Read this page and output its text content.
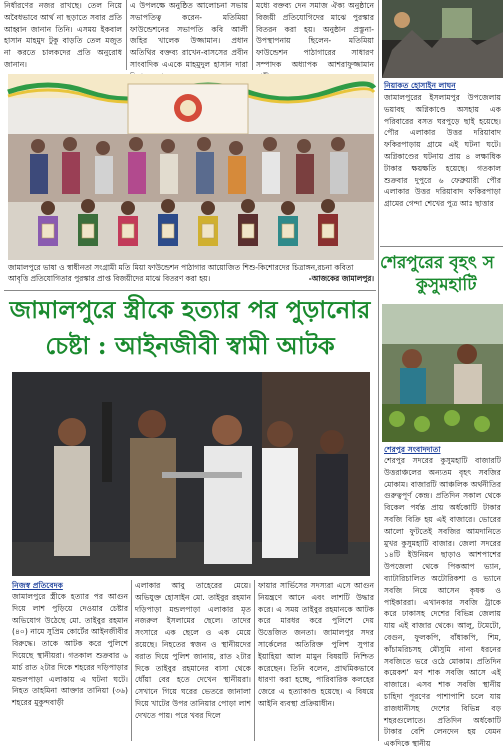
নির্ধারণের নজর রাখছে। তেল নিয়ে অবৈধভাবে আর্থ না ছড়াতে সবার প্রতি আহ্বান জানান তিনি। এসময় ইকবাল হাসান মাহমুদ টুকু বাড়তি তেল মজুত না করতে চালকদের প্রতি অনুরোধ জানান।

এ উপলক্ষে অনুষ্ঠিত আলোচনা সভায় সভাপতিত্ব করেন- মতিমিয়া ফাউন্ডেশনের সভাপতি কবি আলী জহির খালেক উজ্জামান। প্রধান অতিথির বক্তব্য রাখেন-বাসসের প্রবীন সাংবাদিক এএকে মাহমুদুল হাসান দারা

মধ্যে বক্তব্য দেন সমাজ ঐক্য অনুষ্ঠানে বিজয়ী প্রতিযোগিদের মাঝে পুরস্কার বিতরন করা হয়। অনুষ্ঠান প্রস্তুনা-উপস্থাপনায় ছিলেন- মতিমিয়া ফাউন্ডেশন পাঠাগারের সাধারণ সম্পাদক অধ্যাপক আশরাফুজ্জামান

জামালপুরে ভাষা ও স্বাধীনতা সংগ্রামী মতি মিয়া ফাউন্ডেশন পাঠাগার আয়োজিত শিশু-কিশোরদের চিত্রাঙ্গন,রচনা কবিতা আবৃত্তি প্রতিযোগিতার পুরস্কার প্রাপ্ত বিজয়ীদের মাঝে বিতরণ করা হয়।	-আজকের জামালপুর।
নিয়াকত হোসাইন লাঘন

জামালপুরের ইসলামপুর উপজেলায় ভয়াবহ অগ্নিকাণ্ডে অসহায় এক পরিবারের বসত ঘরপুড়ে ছাই হয়েছে। পৌর এলাকার উত্তর দরিয়াবাদ ফকিরপাড়ায় গ্রামে এই ঘটনা ঘটে। অগ্নিকাণ্ডের ঘটনায় প্রায় ৪ লক্ষাধিক টাকার ক্ষয়ক্ষতি হয়েছে। গতকাল শুক্রবার দুপুরে ৬ ফেব্রুয়ারী পৌর এলাকার উত্তর দরিয়াবাদ ফকিরপাড়া গ্রামের গেন্দা শেখের পুত্র আঃ ছাত্তার

শেরপুরের বৃহৎ স
কুসুমহাটি
শেরপুর সংবাদদাতা

শেরপুর সদরের কুসুমহাটি বাজারটি উত্তরাঞ্চলের অন্যতম বৃহৎ সবজির মোকাম। বাজারটি আঞ্চলিক অর্থনীতির গুরুত্বপূর্ণ কেন্দ্র। প্রতিদিন সকাল থেকে বিকেল পর্যন্ত প্রায় অর্ধকোটি টাকার সবজি বিক্রি হয় এই বাজারে। ভোরের আলো ফুটতেই সবজির আমদানিতে মুখর কুসুমহাটি বাজার। জেলা সদরের ১৪টি ইউনিয়ন ছাড়াও আশপাশের উপজেলা থেকে পিকআপ ভ্যান, ব্যাটারিচালিত অটোরিকশা ও ভ্যানে সবজি নিয়ে আসেন কৃষক ও পাইকাররা। এখানকার সবজি ট্রাকে করে ঢাকাসহ দেশের বিভিন্ন জেলায় যায় এই বাজার থেকে। আলু, টমেটো, বেগুন, ফুলকপি, বাঁধাকপি, শিম, কাঁচামরিচসহ মৌসুমি নানা ধরনের সবজিতে ভরে ওঠে মোকাম। প্রতিদিন কয়েকশ' মণ শাক সবজি আসে এই বাজারে। এসব শাক সবজি স্থানীয় চাহিদা পূরণের পাশাপাশি চলে যায় রাজধানীসহ দেশের বিভিন্ন বড় শহরগুলোতে। প্রতিদিন অর্ধকোটি টাকার বেশি লেনদেন হয় যেমন একদিকে স্থানীয়

জামালপুরে স্ত্রীকে হত্যার পর পুড়ানোর
চেষ্টা : আইনজীবী স্বামী আটক
নিজস্ব প্রতিবেদক

জামালপুরে স্ত্রীকে হত্যার পর আগুন দিয়ে লাশ পুড়িয়ে দেওয়ার চেষ্টার অভিযোগ উঠেছে মো. তাইবুর রহমান (৪০) নামে সুপ্রিম কোর্টের আইনজীবীর বিরুদ্ধে। তাকে আটক করে পুলিশে দিয়েছে স্থানীয়রা। গতকাল শুক্রবার ৬ মার্চ রাত ২টার দিকে শহরের দড়িপাড়ার মন্ডলপাড়া এলাকায় এ ঘটনা ঘটে। নিহত তাহমিনা আক্তার তানিয়া (৩৬) শহরের মুকুন্দবাড়ী

এলাকার আবু তাহেরের মেয়ে। অভিযুক্ত হোসাইন মো. তাইবুর রহমান দড়িপাড়া মন্ডলপাড়া এলাকার মৃত নজরুল ইসলামের ছেলে। তাদের সংসারে এক ছেলে ও এক মেয়ে রয়েছে। নিহতের স্বজন ও স্থানীয়দের বরাত দিয়ে পুলিশ জানায়, রাত ২টার দিকে তাইবুর রহমানের বাসা থেকে ধোঁয়া বের হতে দেখেন স্থানীয়রা। সেখানে গিয়ে ঘরের ভেতরে জানালা দিয়ে খাটের উপর তানিয়ার পোড়া লাশ দেখতে পায়। পরে খবর দিলে

ফায়ার সার্ভিসের সদস্যরা এসে আগুন নিয়ন্ত্রণে আনে এবং লাশটি উদ্ধার করে। এ সময় তাইবুর রহমানকে আটক করে মারধর করে পুলিশে দেয় উত্তেজিত জনতা। জামালপুর সদর সার্কেলের অতিরিক্ত পুলিশ সুপার ইয়াহিয়া আল মামুন বিষয়টি নিশ্চিত করেছেন। তিনি বলেন, প্রাথমিকভাবে ধারণা করা হচ্ছে, পারিবারিক কলহের জেরে এ হত্যাকাণ্ড হয়েছে। এ বিষয়ে আইনি ব্যবস্থা প্রক্রিয়াধীন।
